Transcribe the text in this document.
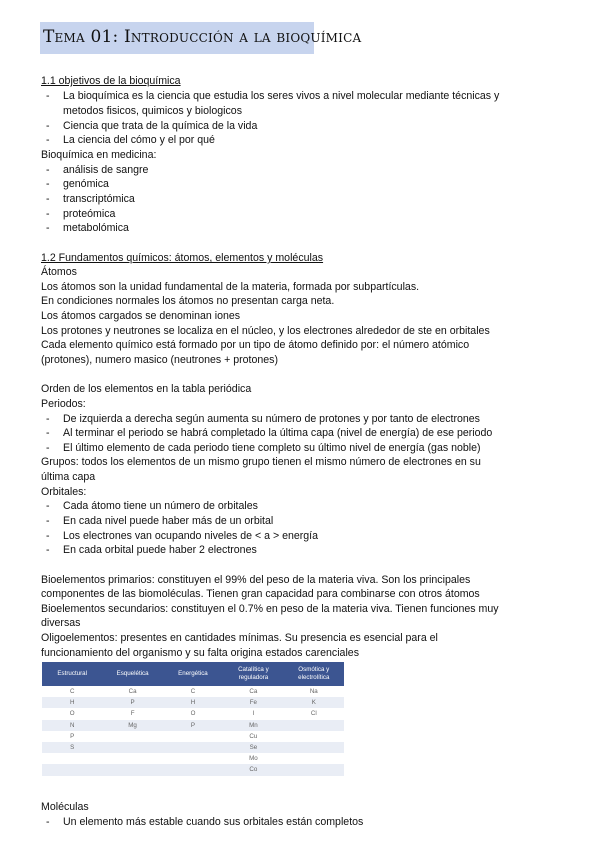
Tema 01: Introducción a la bioquímica
1.1 objetivos de la bioquímica
- La bioquímica es la ciencia que estudia los seres vivos a nivel molecular mediante técnicas y
metodos fisicos, quimicos y biologicos
- Ciencia que trata de la química de la vida
- La ciencia del cómo y el por qué
Bioquímica en medicina:
- análisis de sangre
- genómica
- transcriptómica
- proteómica
- metabolómica
1.2 Fundamentos químicos: átomos, elementos y moléculas
Átomos
Los átomos son la unidad fundamental de la materia, formada por subpartículas.
En condiciones normales los átomos no presentan carga neta.
Los átomos cargados se denominan iones
Los protones y neutrones se localiza en el núcleo, y los electrones alrededor de ste en orbitales
Cada elemento químico está formado por un tipo de átomo definido por: el número atómico
(protones), numero masico (neutrones + protones)
Orden de los elementos en la tabla periódica
Periodos:
- De izquierda a derecha según aumenta su número de protones y por tanto de electrones
- Al terminar el periodo se habrá completado la última capa (nivel de energía) de ese periodo
- El último elemento de cada periodo tiene completo su último nivel de energía (gas noble)
Grupos: todos los elementos de un mismo grupo tienen el mismo número de electrones en su
última capa
Orbitales:
- Cada átomo tiene un número de orbitales
- En cada nivel puede haber más de un orbital
- Los electrones van ocupando niveles de < a > energía
- En cada orbital puede haber 2 electrones
Bioelementos primarios: constituyen el 99% del peso de la materia viva. Son los principales
componentes de las biomoléculas. Tienen gran capacidad para combinarse con otros átomos
Bioelementos secundarios: constituyen el 0.7% en peso de la materia viva. Tienen funciones muy
diversas
Oligoelementos: presentes en cantidades mínimas. Su presencia es esencial para el
funcionamiento del organismo y su falta origina estados carenciales
Estructural	Esquelética	Energética	Catalítica y reguladora	Osmótica y electrolítica
C	Ca	C	Ca	Na
H	P	H	Fe	K
O	F	O	I	Cl
N	Mg	P	Mn	
P			Cu	
S			Se	
			Mo	
			Co	
Moléculas
- Un elemento más estable cuando sus orbitales están completos
